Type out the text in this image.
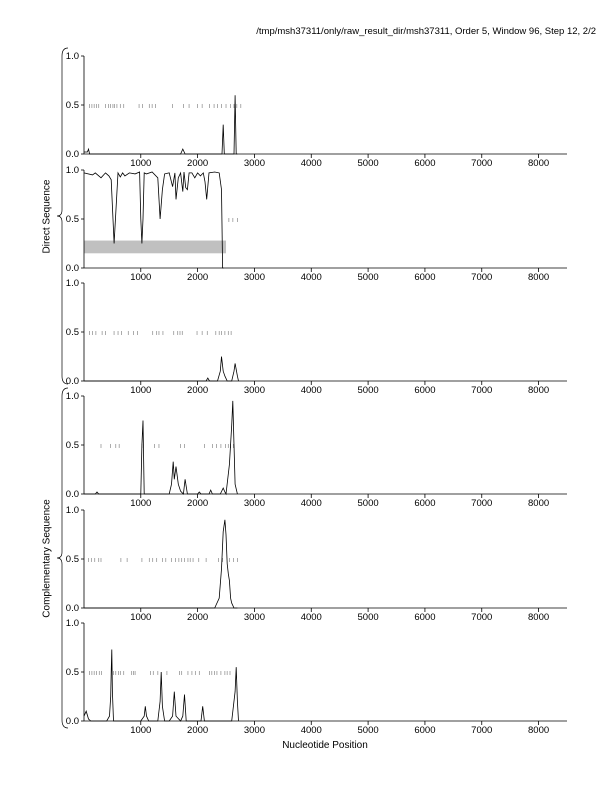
/tmp/msh37311/only/raw_result_dir/msh37311, Order 5, Window 96, Step 12, 2/2
0.0
0.5
1.0
1000	2000	3000	4000	5000	6000	7000	8000
0.0
0.5
1.0
1000	2000	3000	4000	5000	6000	7000	8000
0.0
0.5
1.0
1000	2000	3000	4000	5000	6000	7000	8000
0.0
0.5
1.0
1000	2000	3000	4000	5000	6000	7000	8000
0.0
0.5
1.0
1000	2000	3000	4000	5000	6000	7000	8000
0.0
0.5
1.0
1000	2000	3000	4000	5000	6000	7000	8000
Direct Sequence
Complementary Sequence
Nucleotide Position
